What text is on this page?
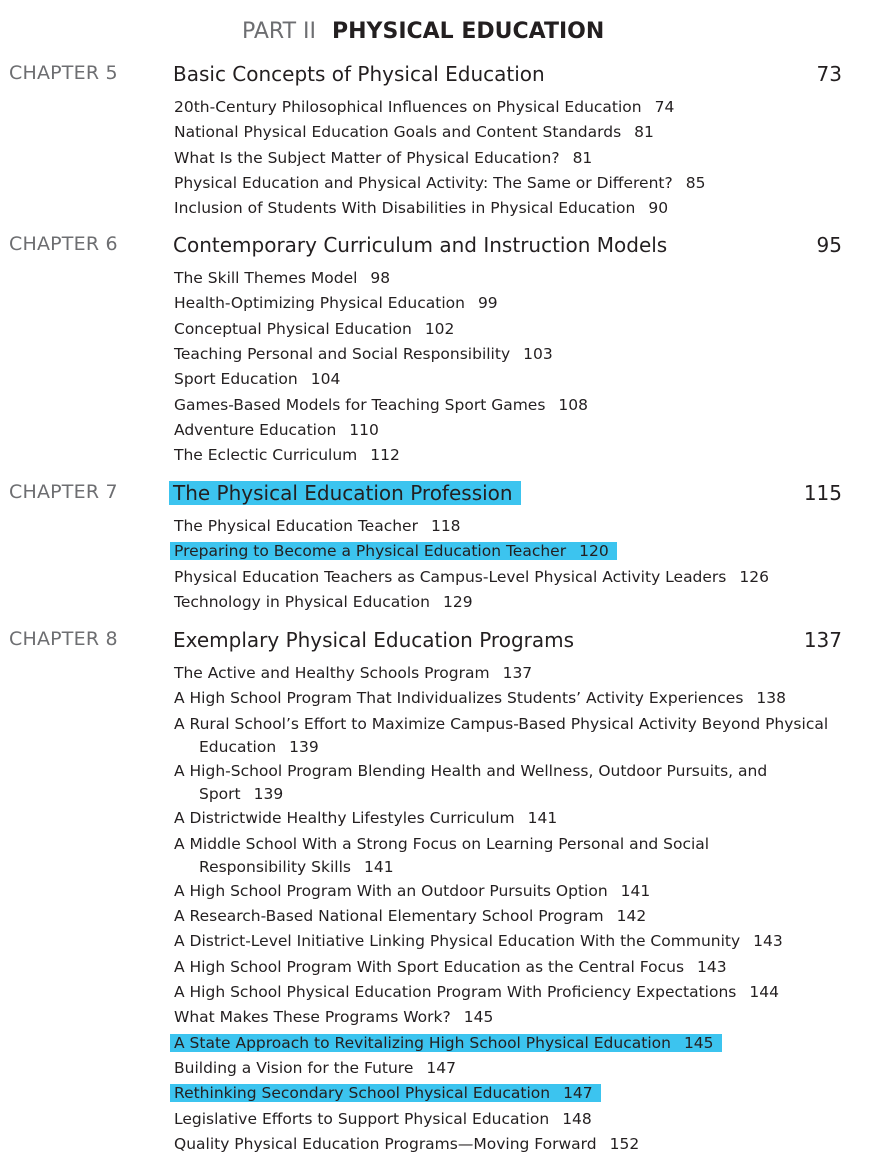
PART II PHYSICAL EDUCATION
CHAPTER 5	Basic Concepts of Physical Education	73
20th-Century Philosophical Influences on Physical Education 74
National Physical Education Goals and Content Standards 81
What Is the Subject Matter of Physical Education? 81
Physical Education and Physical Activity: The Same or Different? 85
Inclusion of Students With Disabilities in Physical Education 90
CHAPTER 6	Contemporary Curriculum and Instruction Models	95
The Skill Themes Model 98
Health-Optimizing Physical Education 99
Conceptual Physical Education 102
Teaching Personal and Social Responsibility 103
Sport Education 104
Games-Based Models for Teaching Sport Games 108
Adventure Education 110
The Eclectic Curriculum 112
CHAPTER 7	The Physical Education Profession	115
The Physical Education Teacher 118
Preparing to Become a Physical Education Teacher 120
Physical Education Teachers as Campus-Level Physical Activity Leaders 126
Technology in Physical Education 129
CHAPTER 8	Exemplary Physical Education Programs	137
The Active and Healthy Schools Program 137
A High School Program That Individualizes Students’ Activity Experiences 138
A Rural School’s Effort to Maximize Campus-Based Physical Activity Beyond Physical
Education 139
A High-School Program Blending Health and Wellness, Outdoor Pursuits, and
Sport 139
A Districtwide Healthy Lifestyles Curriculum 141
A Middle School With a Strong Focus on Learning Personal and Social
Responsibility Skills 141
A High School Program With an Outdoor Pursuits Option 141
A Research-Based National Elementary School Program 142
A District-Level Initiative Linking Physical Education With the Community 143
A High School Program With Sport Education as the Central Focus 143
A High School Physical Education Program With Proficiency Expectations 144
What Makes These Programs Work? 145
A State Approach to Revitalizing High School Physical Education 145
Building a Vision for the Future 147
Rethinking Secondary School Physical Education 147
Legislative Efforts to Support Physical Education 148
Quality Physical Education Programs—Moving Forward 152
